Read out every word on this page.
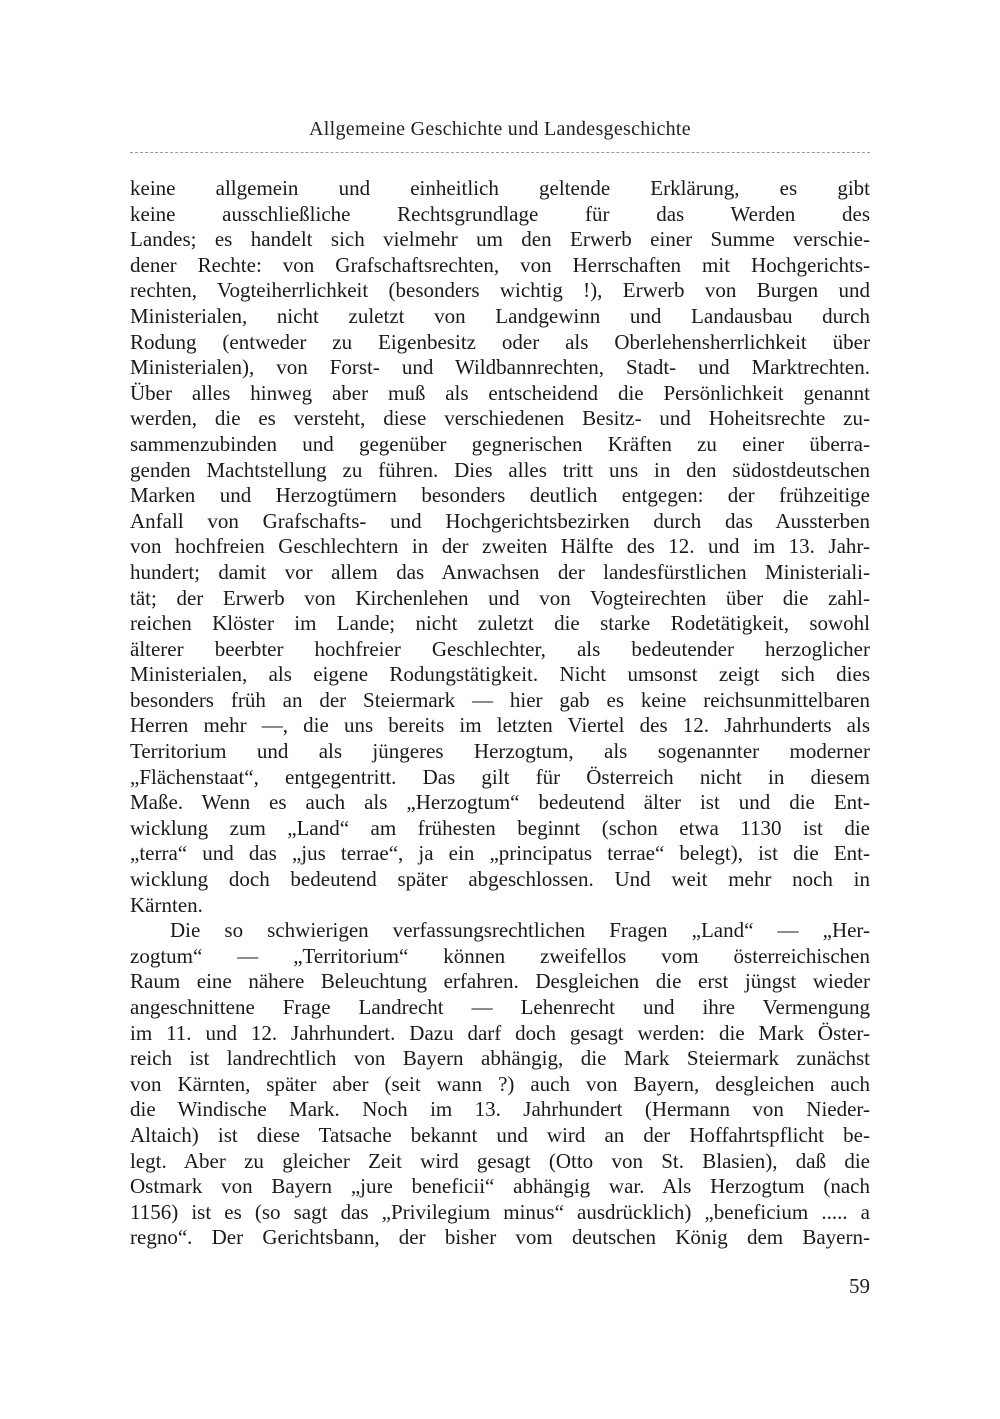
Allgemeine Geschichte und Landesgeschichte
keine allgemein und einheitlich geltende Erklärung, es gibt
keine ausschließliche Rechtsgrundlage für das Werden des
Landes; es handelt sich vielmehr um den Erwerb einer Summe verschie-
dener Rechte: von Grafschaftsrechten, von Herrschaften mit Hochgerichts-
rechten, Vogteiherrlichkeit (besonders wichtig !), Erwerb von Burgen und
Ministerialen, nicht zuletzt von Landgewinn und Landausbau durch
Rodung (entweder zu Eigenbesitz oder als Oberlehensherrlichkeit über
Ministerialen), von Forst- und Wildbannrechten, Stadt- und Marktrechten.
Über alles hinweg aber muß als entscheidend die Persönlichkeit genannt
werden, die es versteht, diese verschiedenen Besitz- und Hoheitsrechte zu-
sammenzubinden und gegenüber gegnerischen Kräften zu einer überra-
genden Machtstellung zu führen. Dies alles tritt uns in den südostdeutschen
Marken und Herzogtümern besonders deutlich entgegen: der frühzeitige
Anfall von Grafschafts- und Hochgerichtsbezirken durch das Aussterben
von hochfreien Geschlechtern in der zweiten Hälfte des 12. und im 13. Jahr-
hundert; damit vor allem das Anwachsen der landesfürstlichen Ministeriali-
tät; der Erwerb von Kirchenlehen und von Vogteirechten über die zahl-
reichen Klöster im Lande; nicht zuletzt die starke Rodetätigkeit, sowohl
älterer beerbter hochfreier Geschlechter, als bedeutender herzoglicher
Ministerialen, als eigene Rodungstätigkeit. Nicht umsonst zeigt sich dies
besonders früh an der Steiermark — hier gab es keine reichsunmittelbaren
Herren mehr —, die uns bereits im letzten Viertel des 12. Jahrhunderts als
Territorium und als jüngeres Herzogtum, als sogenannter moderner
„Flächenstaat“, entgegentritt. Das gilt für Österreich nicht in diesem
Maße. Wenn es auch als „Herzogtum“ bedeutend älter ist und die Ent-
wicklung zum „Land“ am frühesten beginnt (schon etwa 1130 ist die
„terra“ und das „jus terrae“, ja ein „principatus terrae“ belegt), ist die Ent-
wicklung doch bedeutend später abgeschlossen. Und weit mehr noch in
Kärnten.
Die so schwierigen verfassungsrechtlichen Fragen „Land“ — „Her-
zogtum“ — „Territorium“ können zweifellos vom österreichischen
Raum eine nähere Beleuchtung erfahren. Desgleichen die erst jüngst wieder
angeschnittene Frage Landrecht — Lehenrecht und ihre Vermengung
im 11. und 12. Jahrhundert. Dazu darf doch gesagt werden: die Mark Öster-
reich ist landrechtlich von Bayern abhängig, die Mark Steiermark zunächst
von Kärnten, später aber (seit wann ?) auch von Bayern, desgleichen auch
die Windische Mark. Noch im 13. Jahrhundert (Hermann von Nieder-
Altaich) ist diese Tatsache bekannt und wird an der Hoffahrtspflicht be-
legt. Aber zu gleicher Zeit wird gesagt (Otto von St. Blasien), daß die
Ostmark von Bayern „jure beneficii“ abhängig war. Als Herzogtum (nach
1156) ist es (so sagt das „Privilegium minus“ ausdrücklich) „beneficium ..... a
regno“. Der Gerichtsbann, der bisher vom deutschen König dem Bayern-
59
